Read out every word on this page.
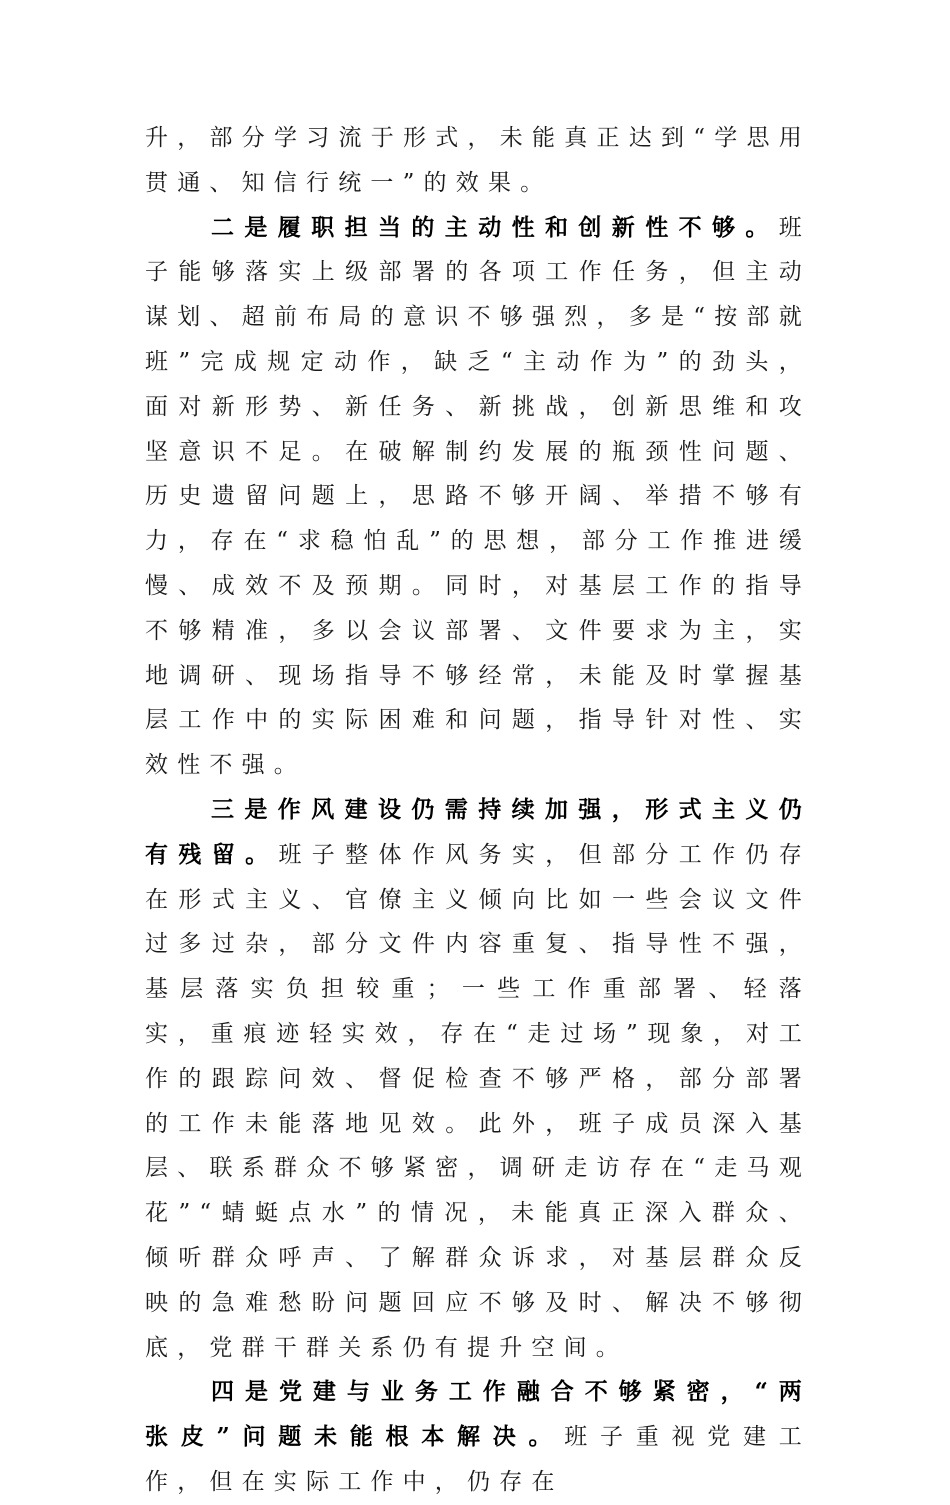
升，部分学习流于形式，未能真正达到“学思用贯通、知信行统一”的效果。

二是履职担当的主动性和创新性不够。班子能够落实上级部署的各项工作任务，但主动谋划、超前布局的意识不够强烈，多是“按部就班”完成规定动作，缺乏“主动作为”的劲头，面对新形势、新任务、新挑战，创新思维和攻坚意识不足。在破解制约发展的瓶颈性问题、历史遗留问题上，思路不够开阔、举措不够有力，存在“求稳怕乱”的思想，部分工作推进缓慢、成效不及预期。同时，对基层工作的指导不够精准，多以会议部署、文件要求为主，实地调研、现场指导不够经常，未能及时掌握基层工作中的实际困难和问题，指导针对性、实效性不强。

三是作风建设仍需持续加强，形式主义仍有残留。班子整体作风务实，但部分工作仍存在形式主义、官僚主义倾向比如一些会议文件过多过杂，部分文件内容重复、指导性不强，基层落实负担较重；一些工作重部署、轻落实，重痕迹轻实效，存在“走过场”现象，对工作的跟踪问效、督促检查不够严格，部分部署的工作未能落地见效。此外，班子成员深入基层、联系群众不够紧密，调研走访存在“走马观花”“蜻蜓点水”的情况，未能真正深入群众、倾听群众呼声、了解群众诉求，对基层群众反映的急难愁盼问题回应不够及时、解决不够彻底，党群干群关系仍有提升空间。

四是党建与业务工作融合不够紧密，“两张皮”问题未能根本解决。班子重视党建工作，但在实际工作中，仍存在
